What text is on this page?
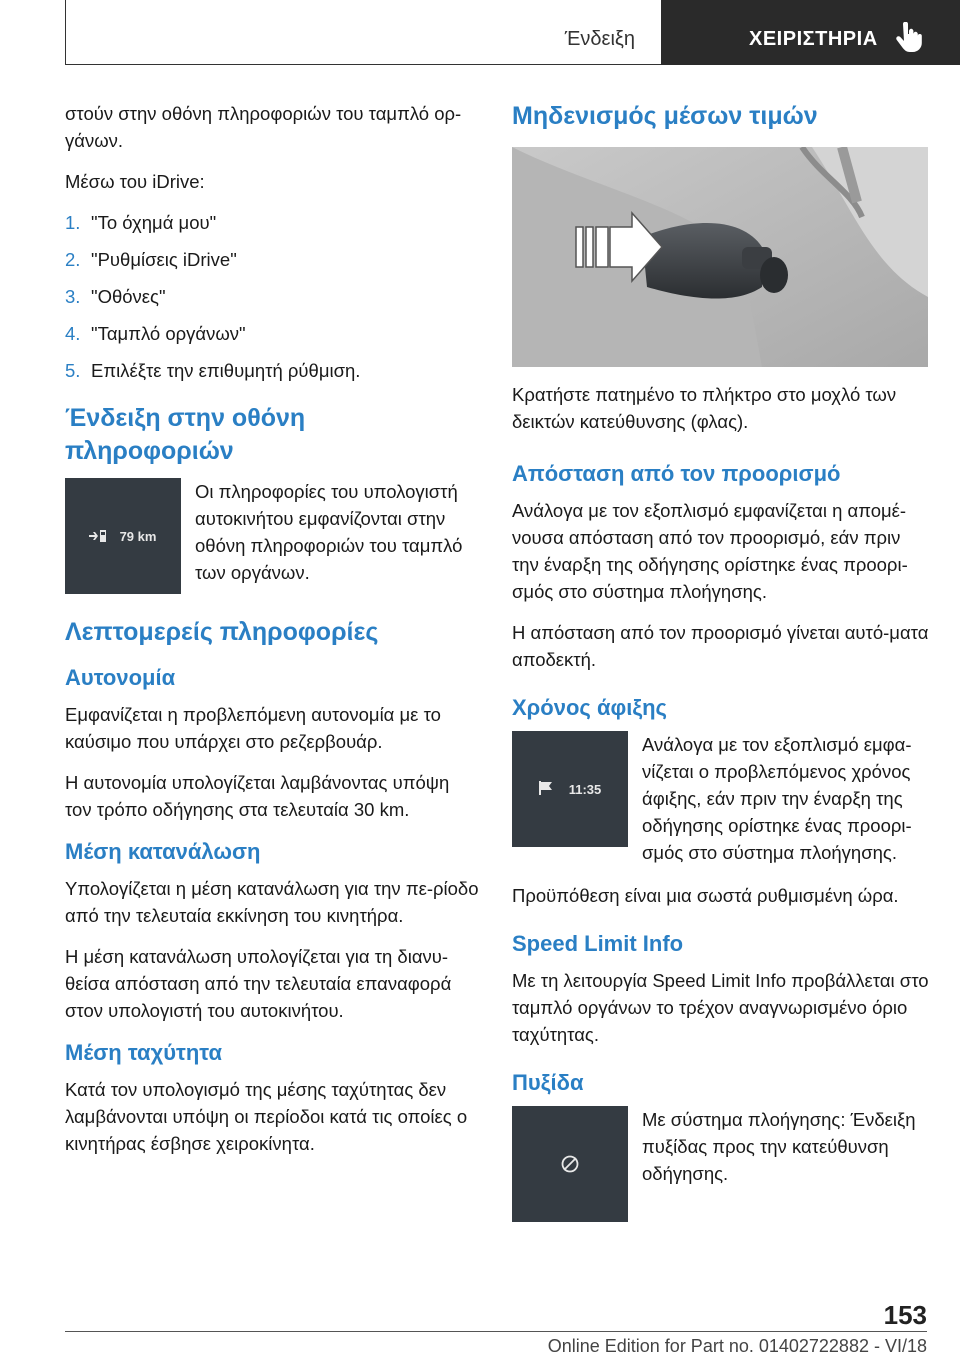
Ένδειξη	ΧΕΙΡΙΣΤΗΡΙΑ

στούν στην οθόνη πληροφοριών του ταμπλό ορ-γάνων.

Μέσω του iDrive:

1. "Το όχημά μου"
2. "Ρυθμίσεις iDrive"
3. "Οθόνες"
4. "Ταμπλό οργάνων"
5. Επιλέξτε την επιθυμητή ρύθμιση.
Ένδειξη στην οθόνη πληροφοριών
79 km

Οι πληροφορίες του υπολογιστή αυτοκινήτου εμφανίζονται στην οθόνη πληροφοριών του ταμπλό των οργάνων.

Λεπτομερείς πληροφορίες
Αυτονομία

Εμφανίζεται η προβλεπόμενη αυτονομία με το καύσιμο που υπάρχει στο ρεζερβουάρ.

Η αυτονομία υπολογίζεται λαμβάνοντας υπόψη τον τρόπο οδήγησης στα τελευταία 30 km.

Μέση κατανάλωση

Υπολογίζεται η μέση κατανάλωση για την πε-ρίοδο από την τελευταία εκκίνηση του κινητήρα.

Η μέση κατανάλωση υπολογίζεται για τη διανυ-θείσα απόσταση από την τελευταία επαναφορά στον υπολογιστή του αυτοκινήτου.

Μέση ταχύτητα

Κατά τον υπολογισμό της μέσης ταχύτητας δεν λαμβάνονται υπόψη οι περίοδοι κατά τις οποίες ο κινητήρας έσβησε χειροκίνητα.

Μηδενισμός μέσων τιμών

Κρατήστε πατημένο το πλήκτρο στο μοχλό των δεικτών κατεύθυνσης (φλας).

Απόσταση από τον προορισμό

Ανάλογα με τον εξοπλισμό εμφανίζεται η απομέ-νουσα απόσταση από τον προορισμό, εάν πριν την έναρξη της οδήγησης ορίστηκε ένας προορι-σμός στο σύστημα πλοήγησης.

Η απόσταση από τον προορισμό γίνεται αυτό-ματα αποδεκτή.

Χρόνος άφιξης
11:35

Ανάλογα με τον εξοπλισμό εμφα-νίζεται ο προβλεπόμενος χρόνος άφιξης, εάν πριν την έναρξη της οδήγησης ορίστηκε ένας προορι-σμός στο σύστημα πλοήγησης.

Προϋπόθεση είναι μια σωστά ρυθμισμένη ώρα.

Speed Limit Info

Με τη λειτουργία Speed Limit Info προβάλλεται στο ταμπλό οργάνων το τρέχον αναγνωρισμένο όριο ταχύτητας.

Πυξίδα

Με σύστημα πλοήγησης: Ένδειξη πυξίδας προς την κατεύθυνση οδήγησης.

153
Online Edition for Part no. 01402722882 - VI/18
